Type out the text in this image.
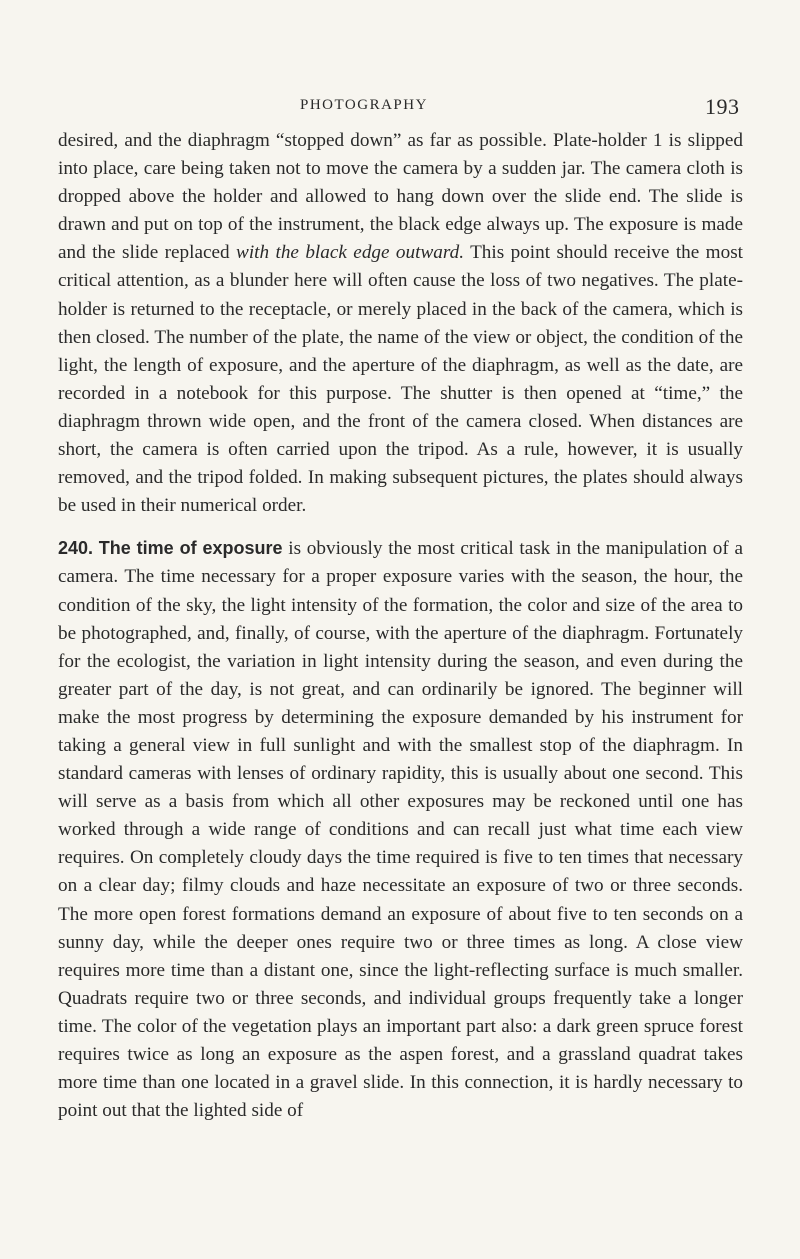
PHOTOGRAPHY	193

desired, and the diaphragm “stopped down” as far as possible. Plate-holder 1 is slipped into place, care being taken not to move the camera by a sudden jar. The camera cloth is dropped above the holder and allowed to hang down over the slide end. The slide is drawn and put on top of the instrument, the black edge always up. The exposure is made and the slide replaced with the black edge outward. This point should receive the most critical attention, as a blunder here will often cause the loss of two negatives. The plate-holder is returned to the receptacle, or merely placed in the back of the camera, which is then closed. The number of the plate, the name of the view or object, the condition of the light, the length of exposure, and the aperture of the diaphragm, as well as the date, are recorded in a notebook for this purpose. The shutter is then opened at “time,” the diaphragm thrown wide open, and the front of the camera closed. When distances are short, the camera is often carried upon the tripod. As a rule, however, it is usually removed, and the tripod folded. In making subsequent pictures, the plates should always be used in their numerical order.

240. The time of exposure is obviously the most critical task in the manipulation of a camera. The time necessary for a proper exposure varies with the season, the hour, the condition of the sky, the light intensity of the formation, the color and size of the area to be photographed, and, finally, of course, with the aperture of the diaphragm. Fortunately for the ecologist, the variation in light intensity during the season, and even during the greater part of the day, is not great, and can ordinarily be ignored. The beginner will make the most progress by determining the exposure demanded by his instrument for taking a general view in full sunlight and with the smallest stop of the diaphragm. In standard cameras with lenses of ordinary rapidity, this is usually about one second. This will serve as a basis from which all other exposures may be reckoned until one has worked through a wide range of conditions and can recall just what time each view requires. On completely cloudy days the time required is five to ten times that necessary on a clear day; filmy clouds and haze necessitate an exposure of two or three seconds. The more open forest formations demand an exposure of about five to ten seconds on a sunny day, while the deeper ones require two or three times as long. A close view requires more time than a distant one, since the light-reflecting surface is much smaller. Quadrats require two or three seconds, and individual groups frequently take a longer time. The color of the vegetation plays an important part also: a dark green spruce forest requires twice as long an exposure as the aspen forest, and a grassland quadrat takes more time than one located in a gravel slide. In this connection, it is hardly necessary to point out that the lighted side of
